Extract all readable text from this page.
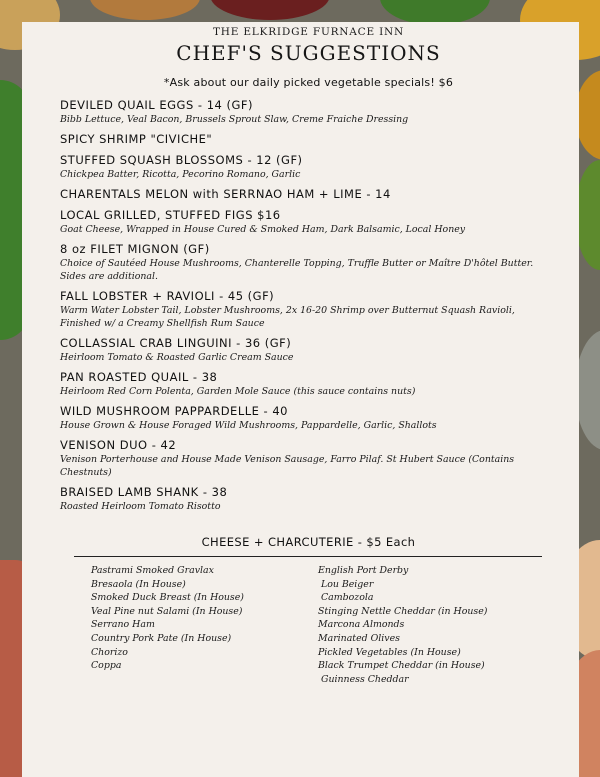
THE ELKRIDGE FURNACE INN
CHEF'S SUGGESTIONS
*Ask about our daily picked vegetable specials! $6
DEVILED QUAIL EGGS - 14 (GF)
Bibb Lettuce, Veal Bacon, Brussels Sprout Slaw, Creme Fraiche Dressing
SPICY SHRIMP "CIVICHE"
STUFFED SQUASH BLOSSOMS - 12 (GF)
Chickpea Batter, Ricotta, Pecorino Romano, Garlic
CHARENTALS MELON with SERRNAO HAM + LIME - 14
LOCAL GRILLED, STUFFED FIGS $16
Goat Cheese, Wrapped in House Cured & Smoked Ham, Dark Balsamic, Local Honey
8 oz FILET MIGNON (GF)
Choice of Sautéed House Mushrooms, Chanterelle Topping, Truffle Butter or Maître D'hôtel Butter. Sides are additional.
FALL LOBSTER + RAVIOLI - 45 (GF)
Warm Water Lobster Tail, Lobster Mushrooms, 2x 16-20 Shrimp over Butternut Squash Ravioli, Finished w/ a Creamy Shellfish Rum Sauce
COLLASSIAL CRAB LINGUINI - 36 (GF)
Heirloom Tomato & Roasted Garlic Cream Sauce
PAN ROASTED QUAIL - 38
Heirloom Red Corn Polenta, Garden Mole Sauce (this sauce contains nuts)
WILD MUSHROOM PAPPARDELLE - 40
House Grown & House Foraged Wild Mushrooms, Pappardelle, Garlic, Shallots
VENISON DUO - 42
Venison Porterhouse and House Made Venison Sausage, Farro Pilaf. St Hubert Sauce (Contains Chestnuts)
BRAISED LAMB SHANK - 38
Roasted Heirloom Tomato Risotto
CHEESE + CHARCUTERIE - $5 Each
Pastrami Smoked Gravlax
Bresaola (In House)
Smoked Duck Breast (In House)
Veal Pine nut Salami (In House)
Serrano Ham
Country Pork Pate (In House)
Chorizo
Coppa
English Port Derby
Lou Beiger
Cambozola
Stinging Nettle Cheddar (in House)
Marcona Almonds
Marinated Olives
Pickled Vegetables (In House)
Black Trumpet Cheddar (in House)
Guinness Cheddar
